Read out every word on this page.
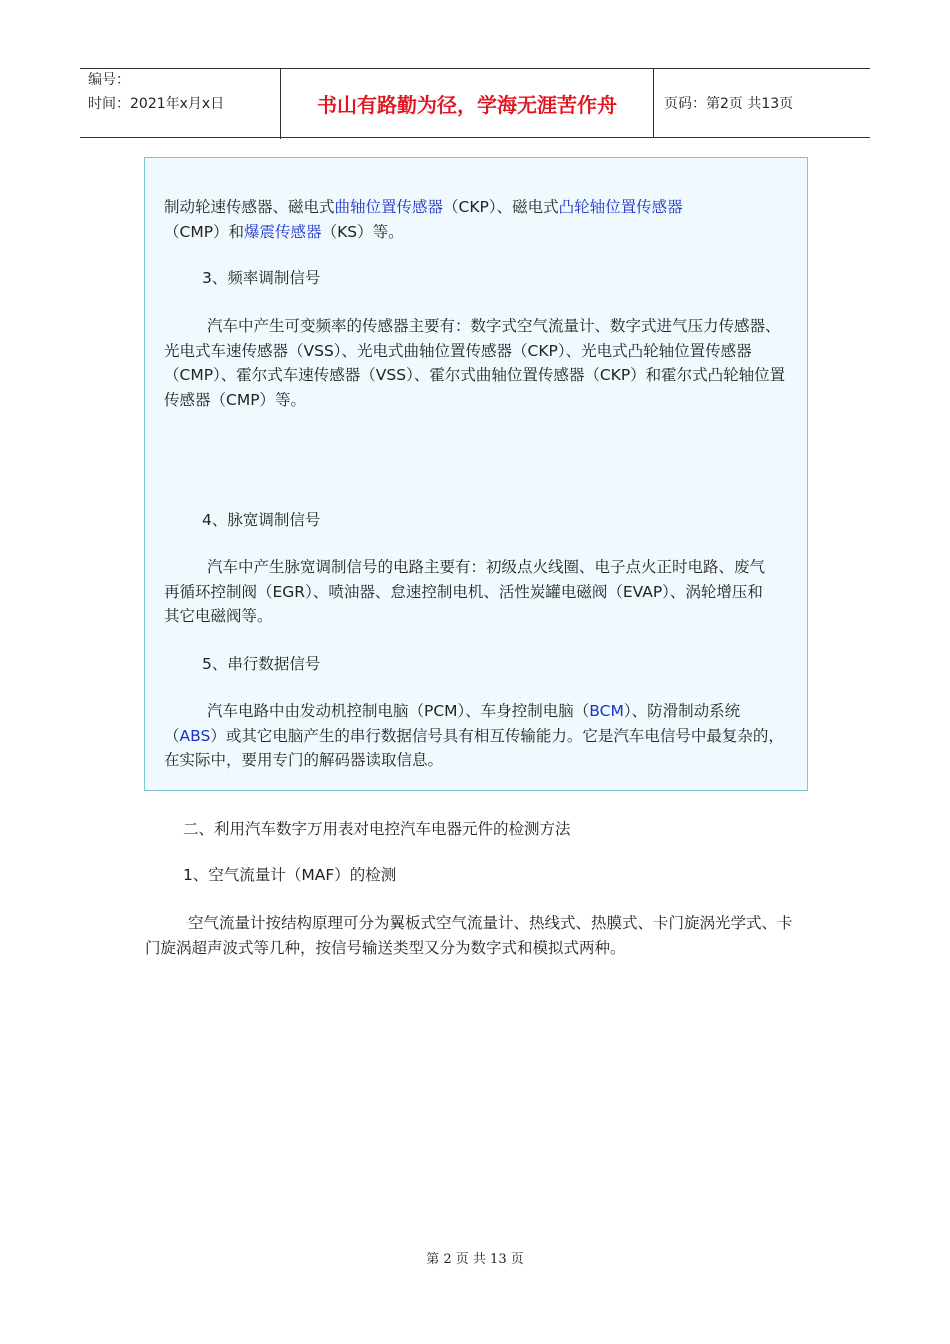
编号：
时间：2021年x月x日	书山有路勤为径，学海无涯苦作舟	页码：第2页 共13页

制动轮速传感器、磁电式曲轴位置传感器（CKP）、磁电式凸轮轴位置传感器
（CMP）和爆震传感器（KS）等。

3、频率调制信号

汽车中产生可变频率的传感器主要有：数字式空气流量计、数字式进气压力传感器、光电式车速传感器（VSS）、光电式曲轴位置传感器（CKP）、光电式凸轮轴位置传感器（CMP）、霍尔式车速传感器（VSS）、霍尔式曲轴位置传感器（CKP）和霍尔式凸轮轴位置传感器（CMP）等。

4、脉宽调制信号

汽车中产生脉宽调制信号的电路主要有：初级点火线圈、电子点火正时电路、废气再循环控制阀（EGR）、喷油器、怠速控制电机、活性炭罐电磁阀（EVAP）、涡轮增压和其它电磁阀等。

5、串行数据信号

汽车电路中由发动机控制电脑（PCM）、车身控制电脑（BCM）、防滑制动系统（ABS）或其它电脑产生的串行数据信号具有相互传输能力。它是汽车电信号中最复杂的，在实际中，要用专门的解码器读取信息。

二、利用汽车数字万用表对电控汽车电器元件的检测方法

1、空气流量计（MAF）的检测

空气流量计按结构原理可分为翼板式空气流量计、热线式、热膜式、卡门旋涡光学式、卡门旋涡超声波式等几种，按信号输送类型又分为数字式和模拟式两种。

第 2 页 共 13 页
